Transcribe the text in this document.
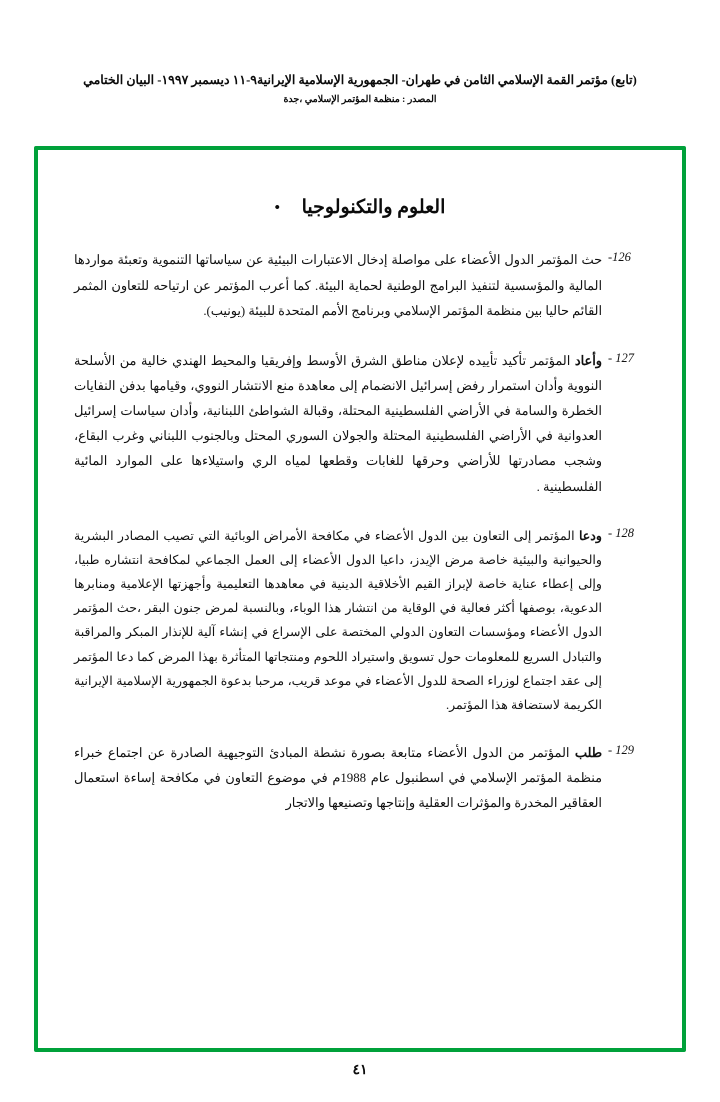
(تابع) مؤتمر القمة الإسلامي الثامن في طهران- الجمهورية الإسلامية الإيرانية٩-١١ ديسمبر ١٩٩٧- البيان الختامي
المصدر : منظمة المؤتمر الإسلامي ،جدة
العلوم والتكنولوجيا •
-126
حث المؤتمر الدول الأعضاء على مواصلة إدخال الاعتبارات البيئية عن سياساتها التنموية وتعبئة مواردها المالية والمؤسسية لتنفيذ البرامج الوطنية لحماية البيئة. كما أعرب المؤتمر عن ارتياحه للتعاون المثمر القائم حاليا بين منظمة المؤتمر الإسلامي وبرنامج الأمم المتحدة للبيئة (يونيب).
- 127
وأعاد المؤتمر تأكيد تأييده لإعلان مناطق الشرق الأوسط وإفريقيا والمحيط الهندي خالية من الأسلحة النووية وأدان استمرار رفض إسرائيل الانضمام إلى معاهدة منع الانتشار النووي، وقيامها بدفن النفايات الخطرة والسامة في الأراضي الفلسطينية المحتلة، وقبالة الشواطئ اللبنانية، وأدان سياسات إسرائيل العدوانية في الأراضي الفلسطينية المحتلة والجولان السوري المحتل وبالجنوب اللبناني وغرب البقاع، وشجب مصادرتها للأراضي وحرقها للغابات وقطعها لمياه الري واستيلاءها على الموارد المائية الفلسطينية .
- 128
ودعا المؤتمر إلى التعاون بين الدول الأعضاء في مكافحة الأمراض الوبائية التي تصيب المصادر البشرية والحيوانية والبيئية خاصة مرض الإيدز، داعيا الدول الأعضاء إلى العمل الجماعي لمكافحة انتشاره طبيا، وإلى إعطاء عناية خاصة لإبراز القيم الأخلاقية الدينية في معاهدها التعليمية وأجهزتها الإعلامية ومنابرها الدعوية، بوصفها أكثر فعالية في الوقاية من انتشار هذا الوباء، وبالنسبة لمرض جنون البقر ،حث المؤتمر الدول الأعضاء ومؤسسات التعاون الدولي المختصة على الإسراع في إنشاء آلية للإنذار المبكر والمراقبة والتبادل السريع للمعلومات حول تسويق واستيراد اللحوم ومنتجاتها المتأثرة بهذا المرض كما دعا المؤتمر إلى عقد اجتماع لوزراء الصحة للدول الأعضاء في موعد قريب، مرحبا بدعوة الجمهورية الإسلامية الإيرانية الكريمة لاستضافة هذا المؤتمر.
- 129
طلب المؤتمر من الدول الأعضاء متابعة بصورة نشطة المبادئ التوجيهية الصادرة عن اجتماع خبراء منظمة المؤتمر الإسلامي في اسطنبول عام 1988م في موضوع التعاون في مكافحة إساءة استعمال العقاقير المخدرة والمؤثرات العقلية وإنتاجها وتصنيعها والاتجار
٤١
